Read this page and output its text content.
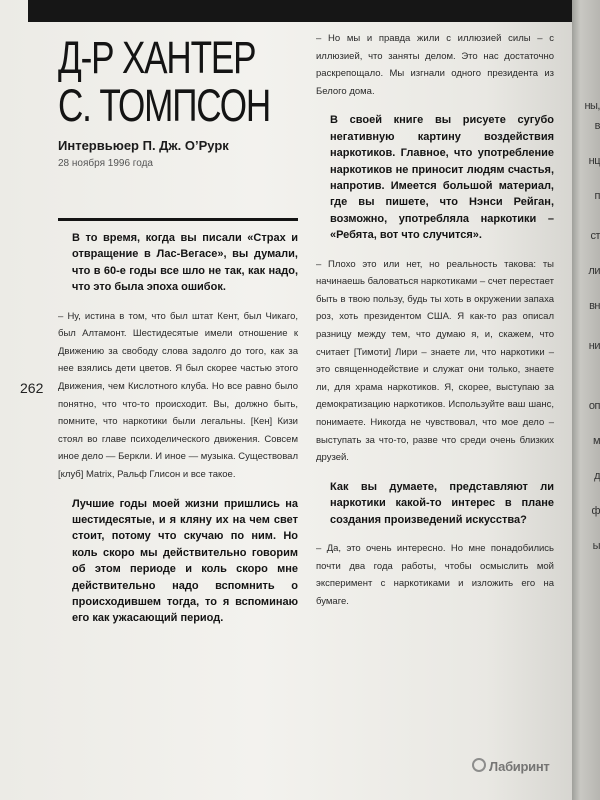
Д-Р ХАНТЕР
С. ТОМПСОН
Интервьюер П. Дж. О’Рурк
28 ноября 1996 года
262

В то время, когда вы писали «Страх и отвращение в Лас-Вегасе», вы думали, что в 60-е годы все шло не так, как надо, что это была эпоха ошибок.

– Ну, истина в том, что был штат Кент, был Чикаго, был Алтамонт. Шестидесятые имели отношение к Движению за свободу слова задолго до того, как за нее взялись дети цветов. Я был скорее частью этого Движения, чем Кислотного клуба. Но все равно было понятно, что что-то происходит. Вы, должно быть, помните, что наркотики были легальны. [Кен] Кизи стоял во главе психоделического движения. Совсем иное дело — Беркли. И иное — музыка. Существовал [клуб] Matrix, Ральф Глисон и все такое.

Лучшие годы моей жизни пришлись на шестидесятые, и я кляну их на чем свет стоит, потому что скучаю по ним. Но коль скоро мы действительно говорим об этом периоде и коль скоро мне действительно надо вспомнить о происходившем тогда, то я вспоминаю его как ужасающий период.

– Но мы и правда жили с иллюзией силы – с иллюзией, что заняты делом. Это нас достаточно раскрепощало. Мы изгнали одного президента из Белого дома.

В своей книге вы рисуете сугубо негативную картину воздействия наркотиков. Главное, что употребление наркотиков не приносит людям счастья, напротив. Имеется большой материал, где вы пишете, что Нэнси Рейган, возможно, употребляла наркотики – «Ребята, вот что случится».

– Плохо это или нет, но реальность такова: ты начинаешь баловаться наркотиками – счет перестает быть в твою пользу, будь ты хоть в окружении запаха роз, хоть президентом США. Я как-то раз описал разницу между тем, что думаю я, и, скажем, что считает [Тимоти] Лири – знаете ли, что наркотики – это священнодействие и служат они только, знаете ли, для храма наркотиков. Я, скорее, выступаю за демократизацию наркотиков. Используйте ваш шанс, понимаете. Никогда не чувствовал, что мое дело – выступать за что-то, разве что среди очень близких друзей.

Как вы думаете, представляют ли наркотики какой-то интерес в плане создания произведений искусства?

– Да, это очень интересно. Но мне понадобились почти два года работы, чтобы осмыслить мой эксперимент с наркотиками и изложить его на бумаге.

Лабиринт
ны,
в
нц
п
ст
ли
вн
ни
оп
м
д
ф
ы
